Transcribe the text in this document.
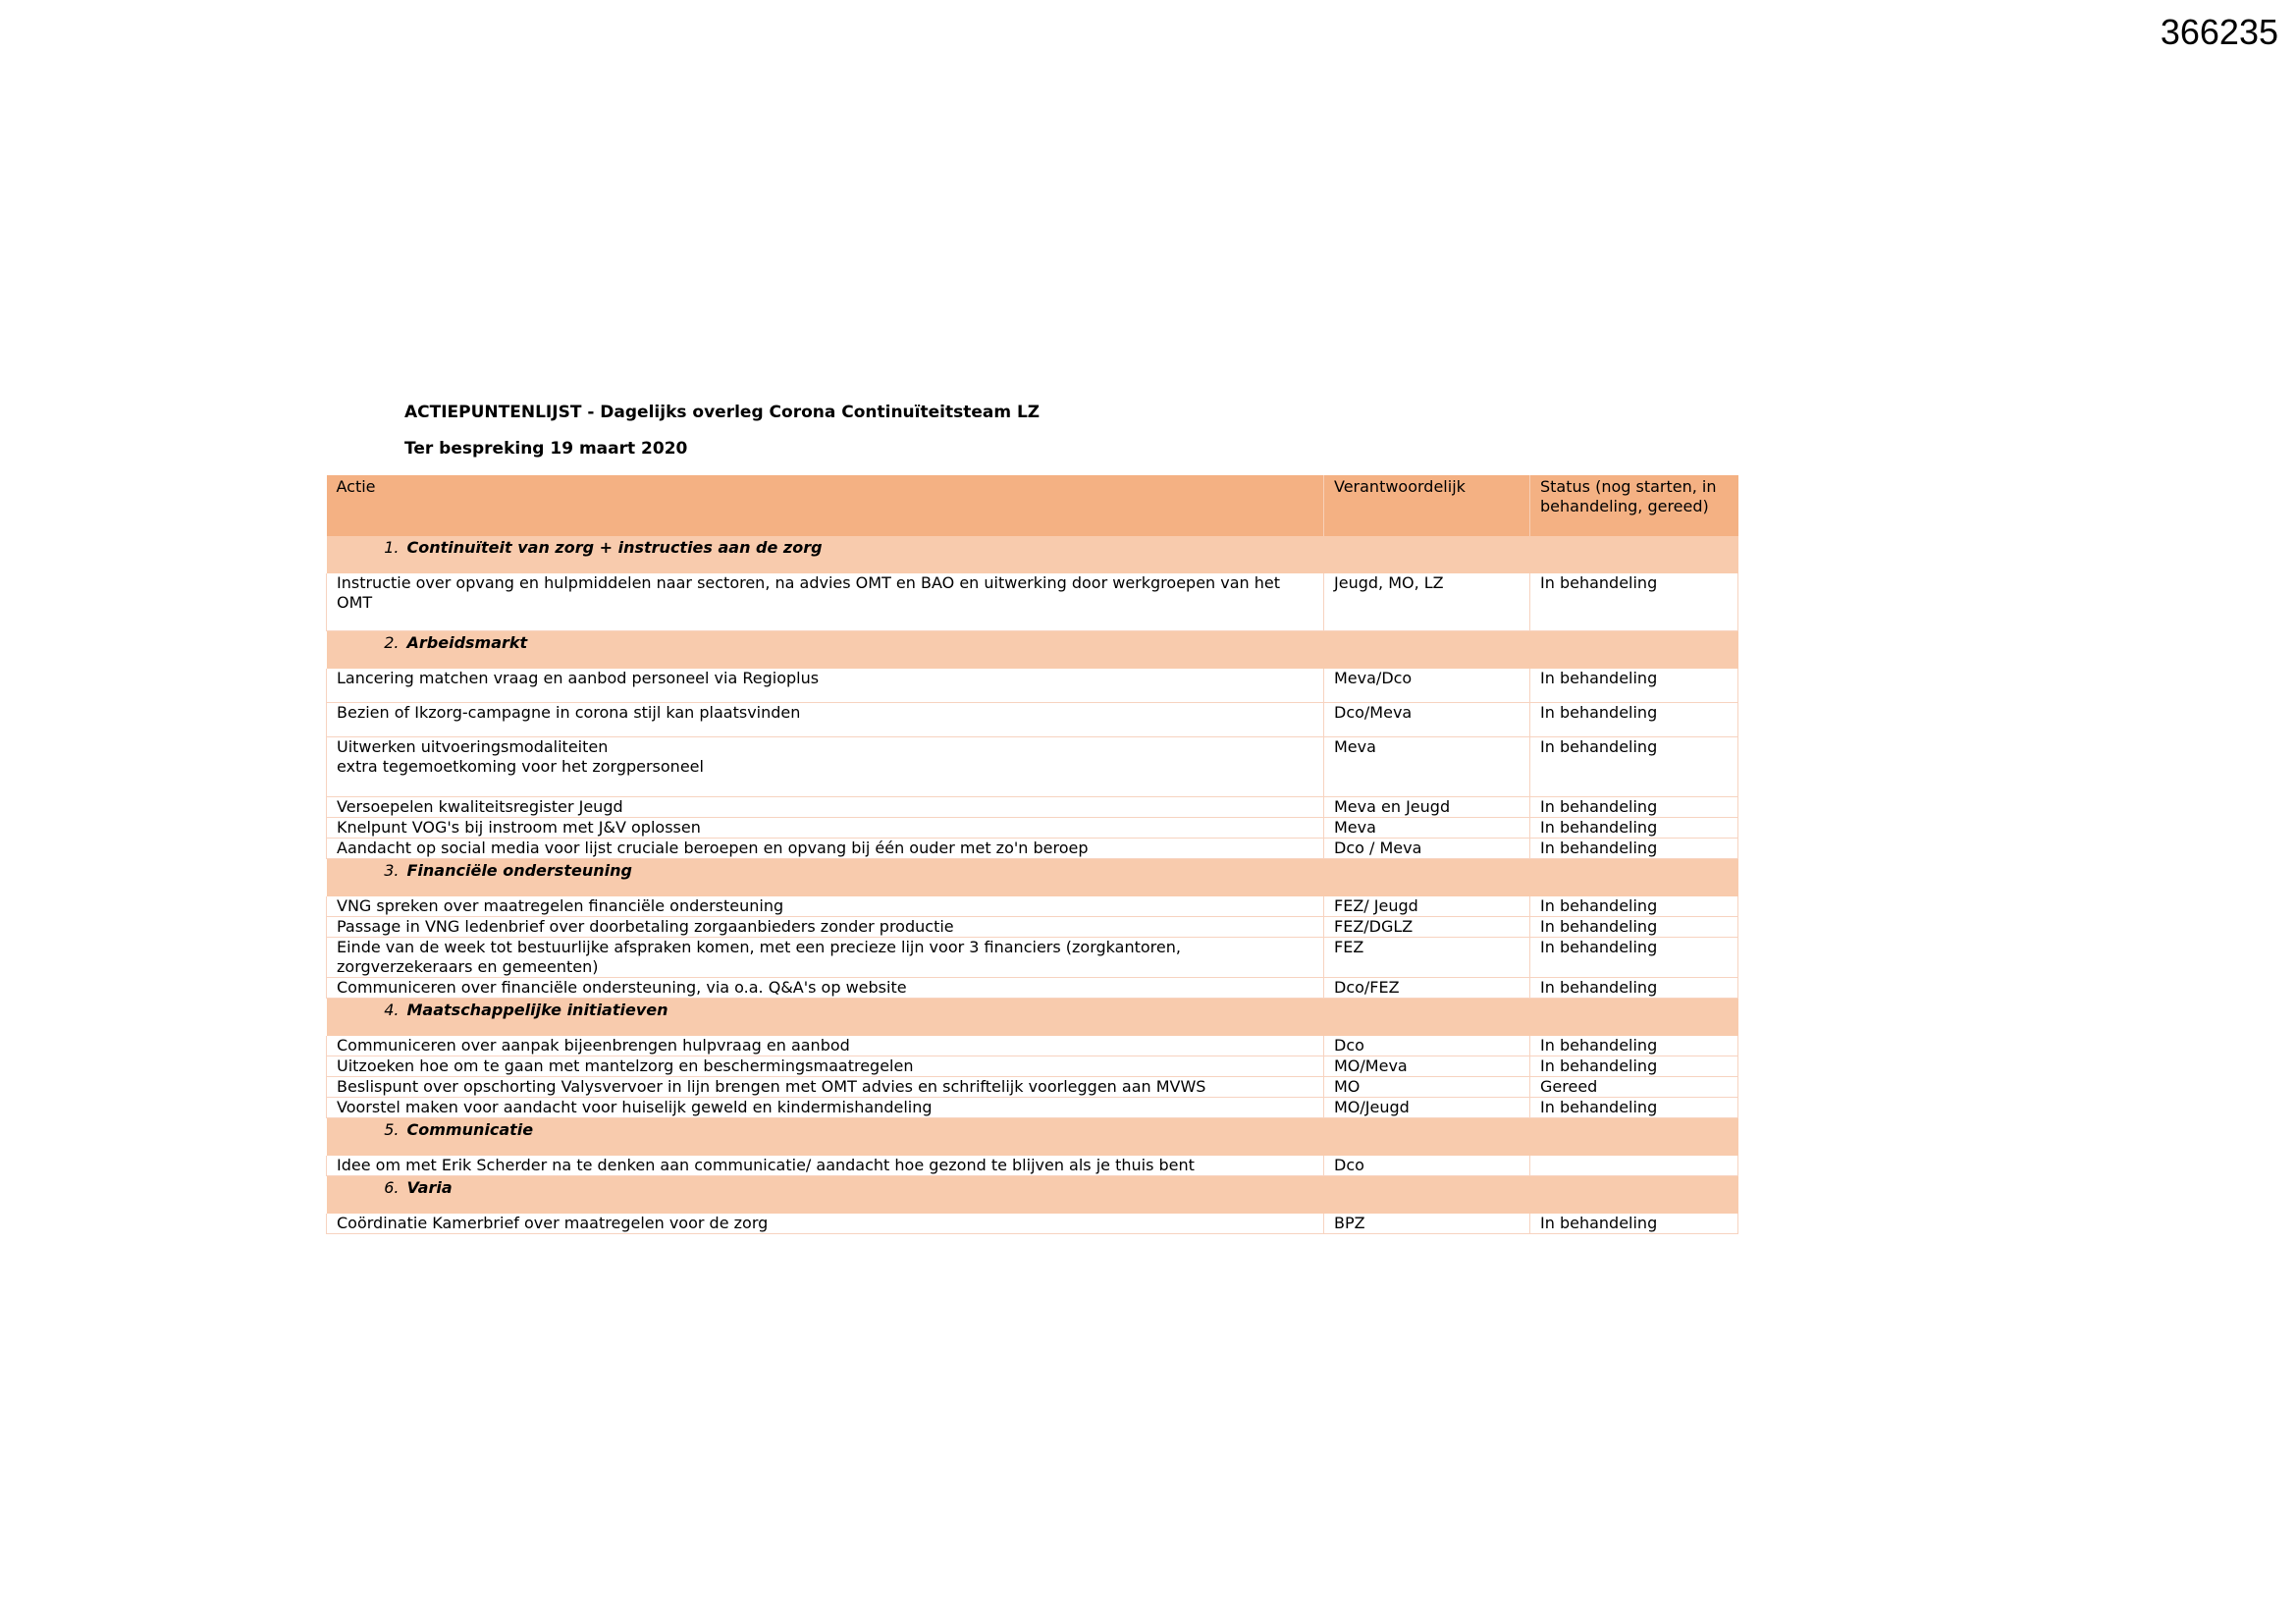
366235
ACTIEPUNTENLIJST - Dagelijks overleg Corona Continuïteitsteam LZ
Ter bespreking 19 maart 2020
Actie	Verantwoordelijk	Status (nog starten, in behandeling, gereed)
1. Continuïteit van zorg + instructies aan de zorg		
Instructie over opvang en hulpmiddelen naar sectoren, na advies OMT en BAO en uitwerking door werkgroepen van het OMT	Jeugd, MO, LZ	In behandeling
2. Arbeidsmarkt		
Lancering matchen vraag en aanbod personeel via Regioplus	Meva/Dco	In behandeling
Bezien of Ikzorg-campagne in corona stijl kan plaatsvinden	Dco/Meva	In behandeling
Uitwerken uitvoeringsmodaliteiten
extra tegemoetkoming voor het zorgpersoneel	Meva	In behandeling
Versoepelen kwaliteitsregister Jeugd	Meva en Jeugd	In behandeling
Knelpunt VOG's bij instroom met J&V oplossen	Meva	In behandeling
Aandacht op social media voor lijst cruciale beroepen en opvang bij één ouder met zo'n beroep	Dco / Meva	In behandeling
3. Financiële ondersteuning		
VNG spreken over maatregelen financiële ondersteuning	FEZ/ Jeugd	In behandeling
Passage in VNG ledenbrief over doorbetaling zorgaanbieders zonder productie	FEZ/DGLZ	In behandeling
Einde van de week tot bestuurlijke afspraken komen, met een precieze lijn voor 3 financiers (zorgkantoren, zorgverzekeraars en gemeenten)	FEZ	In behandeling
Communiceren over financiële ondersteuning, via o.a. Q&A's op website	Dco/FEZ	In behandeling
4. Maatschappelijke initiatieven		
Communiceren over aanpak bijeenbrengen hulpvraag en aanbod	Dco	In behandeling
Uitzoeken hoe om te gaan met mantelzorg en beschermingsmaatregelen	MO/Meva	In behandeling
Beslispunt over opschorting Valysvervoer in lijn brengen met OMT advies en schriftelijk voorleggen aan MVWS	MO	Gereed
Voorstel maken voor aandacht voor huiselijk geweld en kindermishandeling	MO/Jeugd	In behandeling
5. Communicatie		
Idee om met Erik Scherder na te denken aan communicatie/ aandacht hoe gezond te blijven als je thuis bent	Dco	
6. Varia		
Coördinatie Kamerbrief over maatregelen voor de zorg	BPZ	In behandeling
